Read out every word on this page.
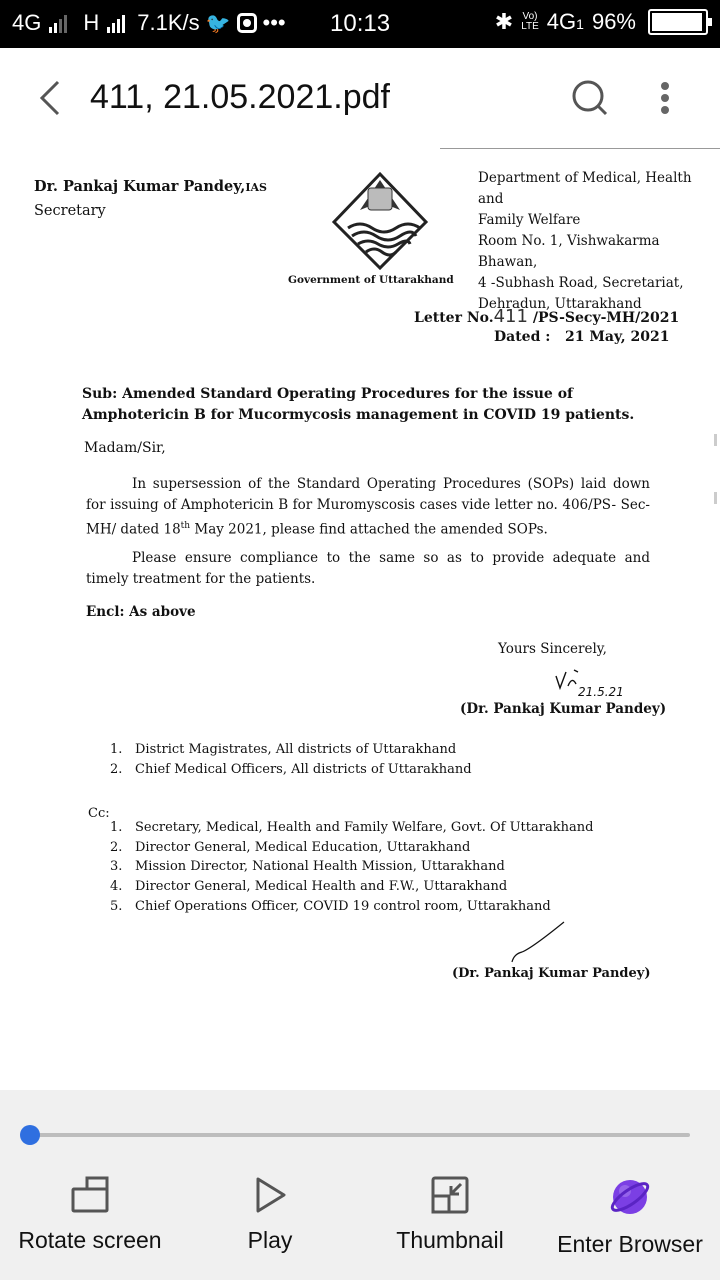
4G H 7.1K/s 🐦 ••• 10:13	✱ Vo)
LTE 4G1 96%
411, 21.05.2021.pdf
Dr. Pankaj Kumar Pandey,IAS
Secretary
Government of Uttarakhand
Department of Medical, Health and
Family Welfare
Room No. 1, Vishwakarma Bhawan,
4 -Subhash Road, Secretariat,
Dehradun, Uttarakhand
Letter No.411 /PS-Secy-MH/2021
Dated : 21 May, 2021
Sub: Amended Standard Operating Procedures for the issue of Amphotericin B for Mucormycosis management in COVID 19 patients.
Madam/Sir,
In supersession of the Standard Operating Procedures (SOPs) laid down for issuing of Amphotericin B for Muromyscosis cases vide letter no. 406/PS- Sec-MH/ dated 18th May 2021, please find attached the amended SOPs.
Please ensure compliance to the same so as to provide adequate and timely treatment for the patients.
Encl: As above
Yours Sincerely,
21.5.21
(Dr. Pankaj Kumar Pandey)
1. District Magistrates, All districts of Uttarakhand
2. Chief Medical Officers, All districts of Uttarakhand
Cc:
1. Secretary, Medical, Health and Family Welfare, Govt. Of Uttarakhand
2. Director General, Medical Education, Uttarakhand
3. Mission Director, National Health Mission, Uttarakhand
4. Director General, Medical Health and F.W., Uttarakhand
5. Chief Operations Officer, COVID 19 control room, Uttarakhand
(Dr. Pankaj Kumar Pandey)
Rotate screen	Play	Thumbnail	Enter Browser
